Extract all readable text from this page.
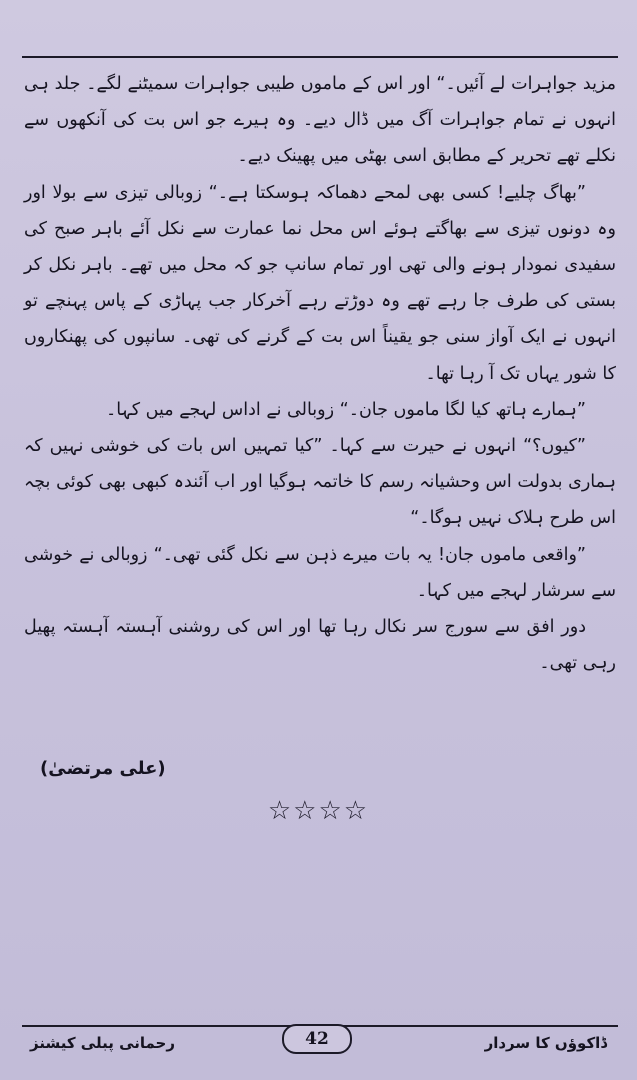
مزید جواہرات لے آئیں۔“ اور اس کے ماموں طیبی جواہرات سمیٹنے لگے۔ جلد ہی انہوں نے تمام جواہرات آگ میں ڈال دیے۔ وہ ہیرے جو اس بت کی آنکھوں سے نکلے تھے تحریر کے مطابق اسی بھٹی میں پھینک دیے۔

”بھاگ چلیے! کسی بھی لمحے دھماکہ ہوسکتا ہے۔“ زوبالی تیزی سے بولا اور وہ دونوں تیزی سے بھاگتے ہوئے اس محل نما عمارت سے نکل آئے باہر صبح کی سفیدی نمودار ہونے والی تھی اور تمام سانپ جو کہ محل میں تھے۔ باہر نکل کر بستی کی طرف جا رہے تھے وہ دوڑتے رہے آخرکار جب پہاڑی کے پاس پہنچے تو انہوں نے ایک آواز سنی جو یقیناً اس بت کے گرنے کی تھی۔ سانپوں کی پھنکاروں کا شور یہاں تک آ رہا تھا۔

”ہمارے ہاتھ کیا لگا ماموں جان۔“ زوبالی نے اداس لہجے میں کہا۔

”کیوں؟“ انہوں نے حیرت سے کہا۔ ”کیا تمہیں اس بات کی خوشی نہیں کہ ہماری بدولت اس وحشیانہ رسم کا خاتمہ ہوگیا اور اب آئندہ کبھی بھی کوئی بچہ اس طرح ہلاک نہیں ہوگا۔“

”واقعی ماموں جان! یہ بات میرے ذہن سے نکل گئی تھی۔“ زوبالی نے خوشی سے سرشار لہجے میں کہا۔

دور افق سے سورج سر نکال رہا تھا اور اس کی روشنی آہستہ آہستہ پھیل رہی تھی۔

(علی مرتضیٰ)
☆☆☆☆
ڈاکوؤں کا سردار
42
رحمانی پبلی کیشنز
